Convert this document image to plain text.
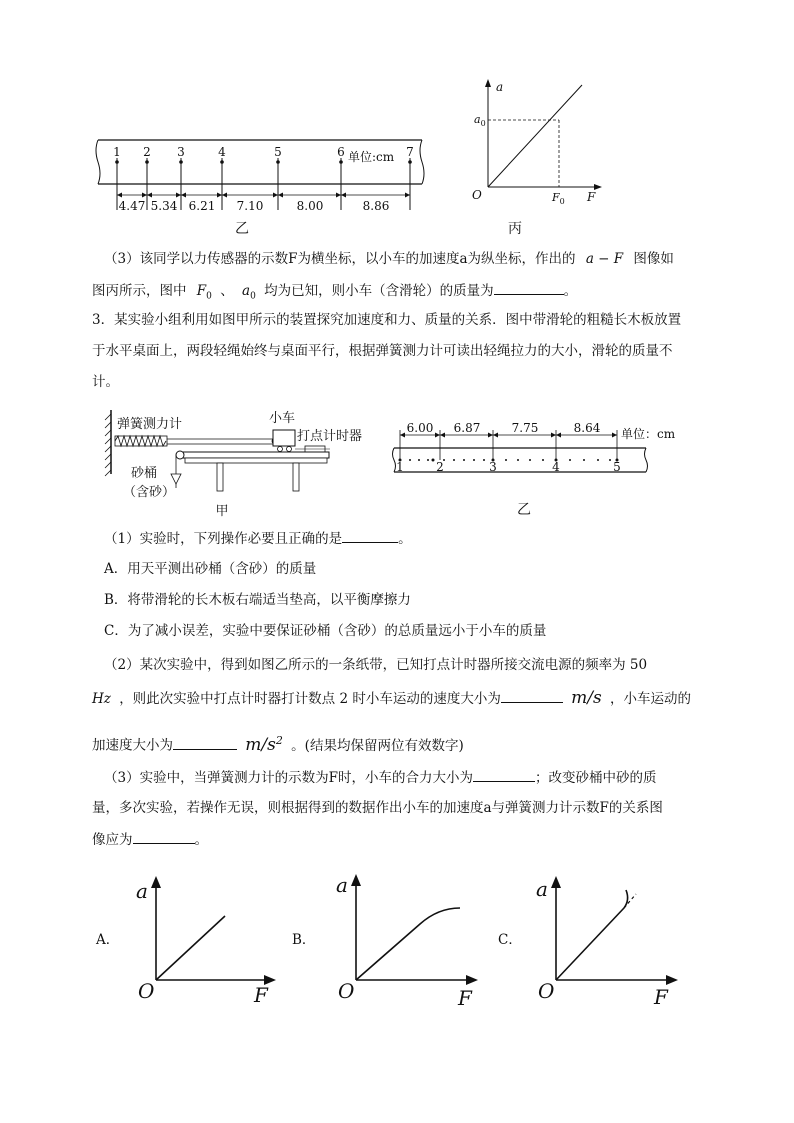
1 2 3	4	5	6	7
单位:cm
4.47 5.34 6.21 7.10	8.00	8.86
乙
a
F
O
$a_0$
$F_0$
丙
（3）该同学以力传感器的示数F为横坐标，以小车的加速度a为纵坐标，作出的 a − F 图像如
图丙所示，图中 $F_0$ 、 $a_0$ 均为已知，则小车（含滑轮）的质量为	。
3．某实验小组利用如图甲所示的装置探究加速度和力、质量的关系．图中带滑轮的粗糙长木板放置
于水平桌面上，两段轻绳始终与桌面平行，根据弹簧测力计可读出轻绳拉力的大小，滑轮的质量不
计。
弹簧测力计	小车
打点计时器
砂桶
（含砂）
甲
6.00 6.87	7.75	8.64 单位：cm
1	2	3	4	5
乙
（1）实验时，下列操作必要且正确的是	。
A．用天平测出砂桶（含砂）的质量
B．将带滑轮的长木板右端适当垫高，以平衡摩擦力
C．为了减小误差，实验中要保证砂桶（含砂）的总质量远小于小车的质量
（2）某次实验中，得到如图乙所示的一条纸带，已知打点计时器所接交流电源的频率为 50
Hz ，则此次实验中打点计时器打计数点 2 时小车运动的速度大小为	m/s ，小车运动的
加速度大小为	$m/s^2$ 。(结果均保留两位有效数字)
（3）实验中，当弹簧测力计的示数为F时，小车的合力大小为	；改变砂桶中砂的质
量，多次实验，若操作无误，则根据得到的数据作出小车的加速度a与弹簧测力计示数F的关系图
像应为	。
A．
a
O	F
B．
a
O	F
C．
a
O	F
